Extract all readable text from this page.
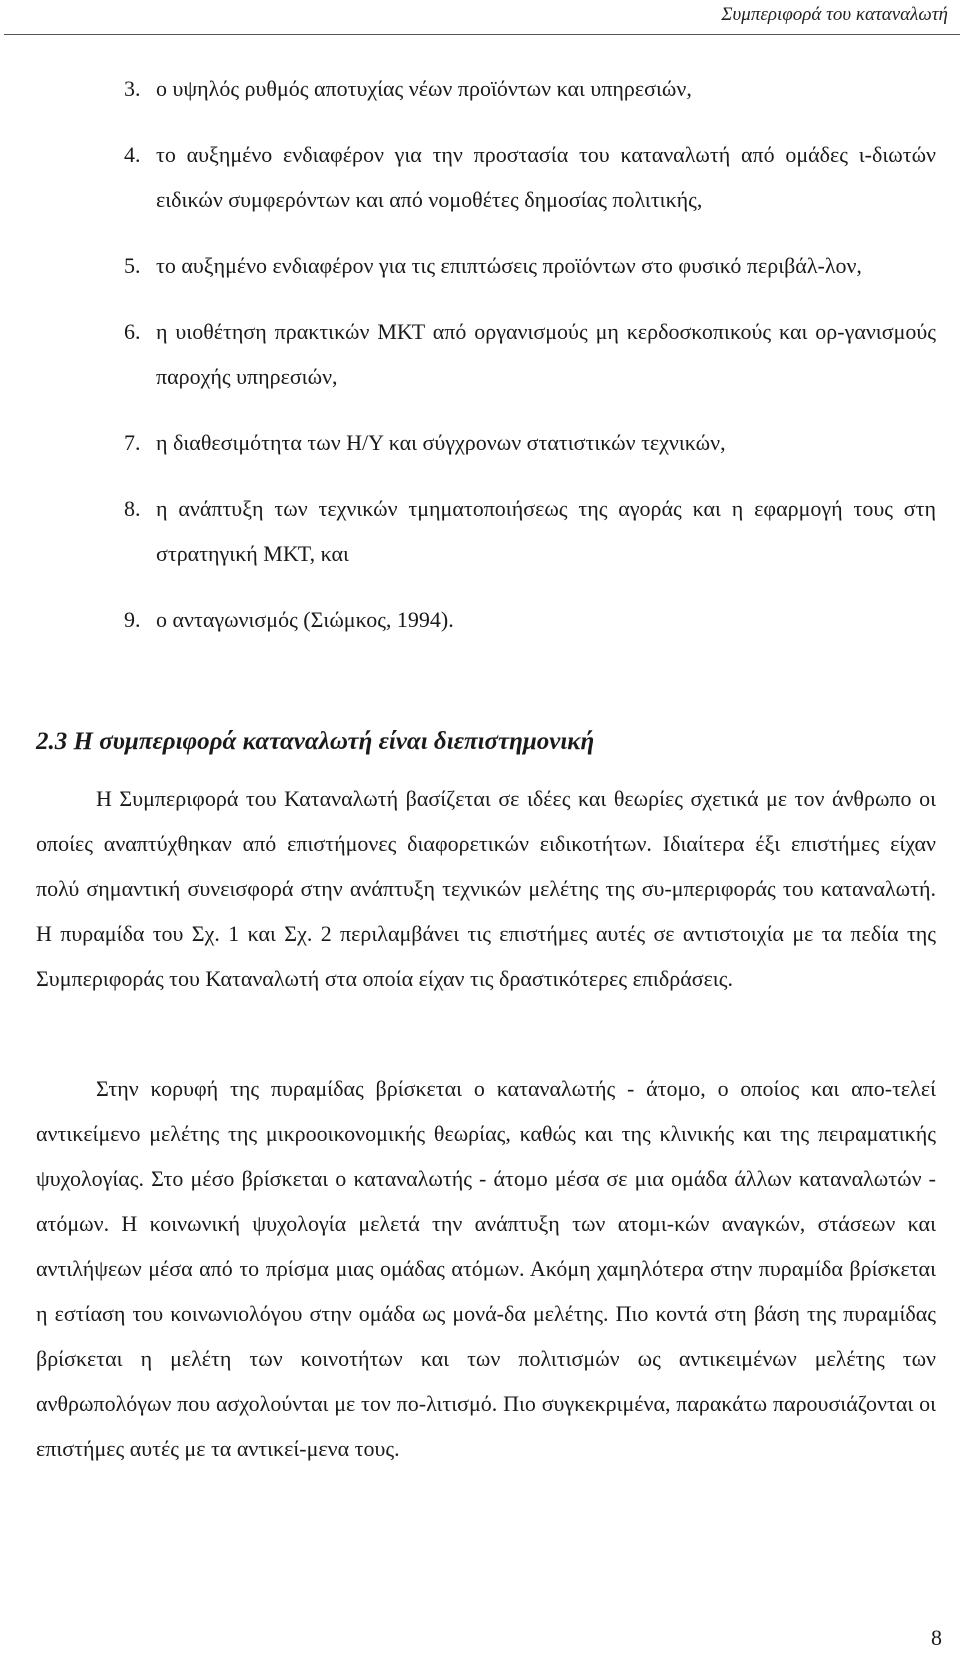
Συμπεριφορά του καταναλωτή
3. ο υψηλός ρυθμός αποτυχίας νέων προϊόντων και υπηρεσιών,
4. το αυξημένο ενδιαφέρον για την προστασία του καταναλωτή από ομάδες ι-διωτών ειδικών συμφερόντων και από νομοθέτες δημοσίας πολιτικής,
5. το αυξημένο ενδιαφέρον για τις επιπτώσεις προϊόντων στο φυσικό περιβάλ-λον,
6. η υιοθέτηση πρακτικών ΜΚΤ από οργανισμούς μη κερδοσκοπικούς και ορ-γανισμούς παροχής υπηρεσιών,
7. η διαθεσιμότητα των Η/Υ και σύγχρονων στατιστικών τεχνικών,
8. η ανάπτυξη των τεχνικών τμηματοποιήσεως της αγοράς και η εφαρμογή τους στη στρατηγική ΜΚΤ, και
9. ο ανταγωνισμός (Σιώμκος, 1994).
2.3 Η συμπεριφορά καταναλωτή είναι διεπιστημονική

Η Συμπεριφορά του Καταναλωτή βασίζεται σε ιδέες και θεωρίες σχετικά με τον άνθρωπο οι οποίες αναπτύχθηκαν από επιστήμονες διαφορετικών ειδικοτήτων. Ιδιαίτερα έξι επιστήμες είχαν πολύ σημαντική συνεισφορά στην ανάπτυξη τεχνικών μελέτης της συ-μπεριφοράς του καταναλωτή. Η πυραμίδα του Σχ. 1 και Σχ. 2 περιλαμβάνει τις επιστήμες αυτές σε αντιστοιχία με τα πεδία της Συμπεριφοράς του Καταναλωτή στα οποία είχαν τις δραστικότερες επιδράσεις.

Στην κορυφή της πυραμίδας βρίσκεται ο καταναλωτής - άτομο, ο οποίος και απο-τελεί αντικείμενο μελέτης της μικροοικονομικής θεωρίας, καθώς και της κλινικής και της πειραματικής ψυχολογίας. Στο μέσο βρίσκεται ο καταναλωτής - άτομο μέσα σε μια ομάδα άλλων καταναλωτών - ατόμων. Η κοινωνική ψυχολογία μελετά την ανάπτυξη των ατομι-κών αναγκών, στάσεων και αντιλήψεων μέσα από το πρίσμα μιας ομάδας ατόμων. Ακόμη χαμηλότερα στην πυραμίδα βρίσκεται η εστίαση του κοινωνιολόγου στην ομάδα ως μονά-δα μελέτης. Πιο κοντά στη βάση της πυραμίδας βρίσκεται η μελέτη των κοινοτήτων και των πολιτισμών ως αντικειμένων μελέτης των ανθρωπολόγων που ασχολούνται με τον πο-λιτισμό. Πιο συγκεκριμένα, παρακάτω παρουσιάζονται οι επιστήμες αυτές με τα αντικεί-μενα τους.

8
